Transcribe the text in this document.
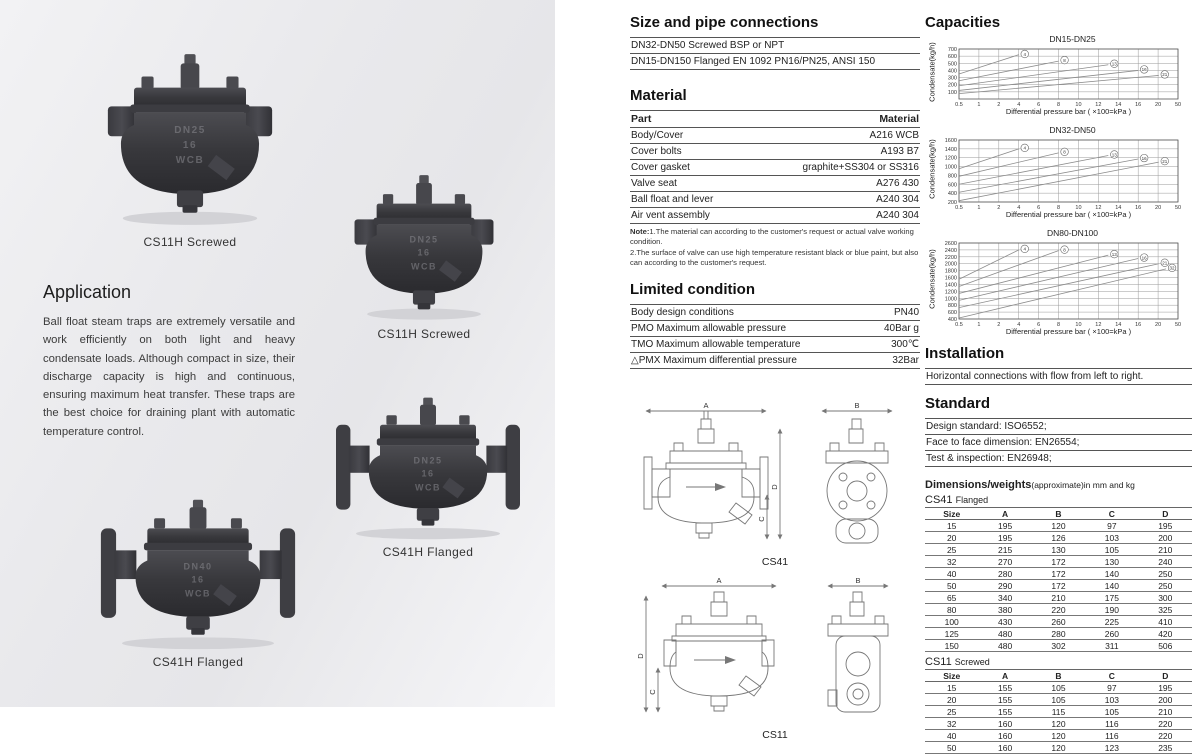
DN25
16
WCB
CS11H Screwed	DN25
16
WCB
CS11H Screwed
DN25
16
WCB
CS41H Flanged
DN40
16
WCB
CS41H Flanged
Application

Ball float steam traps are extremely versatile and work efficiently on both light and heavy condensate loads. Although compact in size, their discharge capacity is high and continuous, ensuring maximum heat transfer. These traps are the best choice for draining plant with automatic temperature control.

Size and pipe connections
DN32-DN50 Screwed BSP or NPT
DN15-DN150 Flanged EN 1092 PN16/PN25, ANSI 150
Material
Part	Material
Body/Cover	A216 WCB
Cover bolts	A193 B7
Cover gasket	graphite+SS304 or SS316
Valve seat	A276 430
Ball float and lever	A240 304
Air vent assembly	A240 304

Note:1.The material can according to the customer's request or actual valve working condition.
2.The surface of valve can use high temperature resistant black or blue paint, but also can according to the customer's request.

Limited condition
Body design conditions	PN40
PMO Maximum allowable pressure	40Bar g
TMO Maximum allowable temperature	300℃
△PMX Maximum differential pressure	32Bar
A
D
C
B
CS41
A
D
C
B
CS11
Capacities
DN15-DN25
Condensate(kg/h)
0.5	1	2	4	6	8	10	12	14	16	20	50
100
200
300
400
500
600
700
4
8
13
16
21
Differential pressure bar ( ×100=kPa )
DN32-DN50
Condensate(kg/h)
0.5	1	2	4	6	8	10	12	14	16	20	50
200
400
600
800
1000
1200
1400
1600
4
8
13
16
21
Differential pressure bar ( ×100=kPa )
DN80-DN100
Condensate(kg/h)
0.5	1	2	4	6	8	10	12	14	16	20	50
400
600
800
1000
1200
1400
1600
1800
2000
2200
2400
2600
4	8
13
16
21
32
Differential pressure bar ( ×100=kPa )
Installation
Horizontal connections with flow from left to right.
Standard
Design standard: ISO6552;
Face to face dimension: EN26554;
Test & inspection: EN26948;
Dimensions/weights(approximate)in mm and kg
CS41 Flanged
Size	A	B	C	D
15	195	120	97	195
20	195	126	103	200
25	215	130	105	210
32	270	172	130	240
40	280	172	140	250
50	290	172	140	250
65	340	210	175	300
80	380	220	190	325
100	430	260	225	410
125	480	280	260	420
150	480	302	311	506
CS11 Screwed
Size	A	B	C	D
15	155	105	97	195
20	155	105	103	200
25	155	115	105	210
32	160	120	116	220
40	160	120	116	220
50	160	120	123	235
